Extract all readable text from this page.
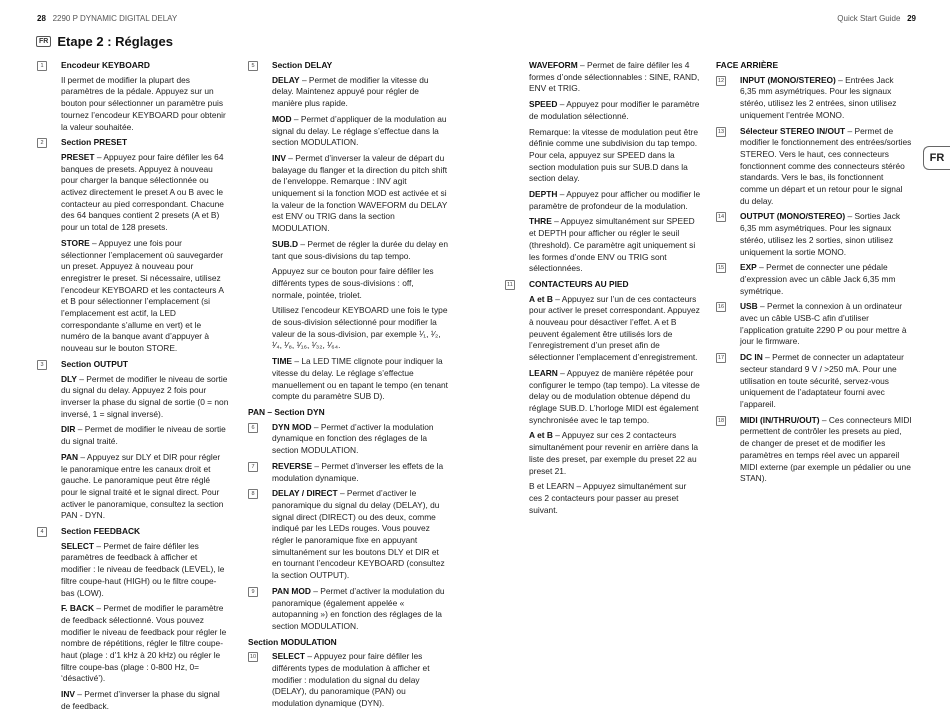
28 2290 P DYNAMIC DIGITAL DELAY	Quick Start Guide 29
FR Etape 2 : Réglages
FR
1	Encodeur KEYBOARD

Il permet de modifier la plupart des paramètres de la pédale. Appuyez sur un bouton pour sélectionner un paramètre puis tournez l’encodeur KEYBOARD pour obtenir la valeur souhaitée.

2	Section PRESET

PRESET – Appuyez pour faire défiler les 64 banques de presets. Appuyez à nouveau pour charger la banque sélectionnée ou activez directement le preset A ou B avec le contacteur au pied correspondant. Chacune des 64 banques contient 2 presets (A et B) pour un total de 128 presets.

STORE – Appuyez une fois pour sélectionner l’emplacement où sauvegarder un preset. Appuyez à nouveau pour enregistrer le preset. Si nécessaire, utilisez l’encodeur KEYBOARD et les contacteurs A et B pour sélectionner l’emplacement (si l’emplacement est actif, la LED correspondante s’allume en vert) et le numéro de la banque avant d’appuyer à nouveau sur le bouton STORE.

3	Section OUTPUT

DLY – Permet de modifier le niveau de sortie du signal du delay. Appuyez 2 fois pour inverser la phase du signal de sortie (0 = non inversé, 1 = signal inversé).

DIR – Permet de modifier le niveau de sortie du signal traité.

PAN – Appuyez sur DLY et DIR pour régler le panoramique entre les canaux droit et gauche. Le panoramique peut être réglé pour le signal traité et le signal direct. Pour activer le panoramique, consultez la section PAN - DYN.

4	Section FEEDBACK

SELECT – Permet de faire défiler les paramètres de feedback à afficher et modifier : le niveau de feedback (LEVEL), le filtre coupe-haut (HIGH) ou le filtre coupe-bas (LOW).

F. BACK – Permet de modifier le paramètre de feedback sélectionné. Vous pouvez modifier le niveau de feedback pour régler le nombre de répétitions, régler le filtre coupe-haut (plage : d’1 kHz à 20 kHz) ou régler le filtre coupe-bas (plage : 0-800 Hz, 0= ‘désactivé’).

INV – Permet d’inverser la phase du signal de feedback.

5	Section DELAY

DELAY – Permet de modifier la vitesse du delay. Maintenez appuyé pour régler de manière plus rapide.

MOD – Permet d’appliquer de la modulation au signal du delay. Le réglage s’effectue dans la section MODULATION.

INV – Permet d’inverser la valeur de départ du balayage du flanger et la direction du pitch shift de l’enveloppe. Remarque : INV agit uniquement si la fonction MOD est activée et si la valeur de la fonction WAVEFORM du DELAY est ENV ou TRIG dans la section MODULATION.

SUB.D – Permet de régler la durée du delay en tant que sous-divisions du tap tempo.

Appuyez sur ce bouton pour faire défiler les différents types de sous-divisions : off, normale, pointée, triolet.

Utilisez l’encodeur KEYBOARD une fois le type de sous-division sélectionné pour modifier la valeur de la sous-division, par exemple ¹⁄₁, ¹⁄₂, ¹⁄₄, ¹⁄₈, ¹⁄₁₆, ¹⁄₃₂, ¹⁄₆₄.

TIME – La LED TIME clignote pour indiquer la vitesse du delay. Le réglage s’effectue manuellement ou en tapant le tempo (en tenant compte du paramètre SUB D).

PAN – Section DYN
6	DYN MOD – Permet d’activer la modulation dynamique en fonction des réglages de la section MODULATION.

7	REVERSE – Permet d’inverser les effets de la modulation dynamique.

8	DELAY / DIRECT – Permet d’activer le panoramique du signal du delay (DELAY), du signal direct (DIRECT) ou des deux, comme indiqué par les LEDs rouges. Vous pouvez régler le panoramique fixe en appuyant simultanément sur les boutons DLY et DIR et en tournant l’encodeur KEYBOARD (consultez la section OUTPUT).

9	PAN MOD – Permet d’activer la modulation du panoramique (également appelée « autopanning ») en fonction des réglages de la section MODULATION.

Section MODULATION
10 SELECT – Appuyez pour faire défiler les différents types de modulation à afficher et modifier : modulation du signal du delay (DELAY), du panoramique (PAN) ou modulation dynamique (DYN).

WAVEFORM – Permet de faire défiler les 4 formes d’onde sélectionnables : SINE, RAND, ENV et TRIG.

SPEED – Appuyez pour modifier le paramètre de modulation sélectionné.

Remarque: la vitesse de modulation peut être définie comme une subdivision du tap tempo. Pour cela, appuyez sur SPEED dans la section modulation puis sur SUB.D dans la section delay.

DEPTH – Appuyez pour afficher ou modifier le paramètre de profondeur de la modulation.

THRE – Appuyez simultanément sur SPEED et DEPTH pour afficher ou régler le seuil (threshold). Ce paramètre agit uniquement si les formes d’onde ENV ou TRIG sont sélectionnées.

11 CONTACTEURS AU PIED

A et B – Appuyez sur l’un de ces contacteurs pour activer le preset correspondant. Appuyez à nouveau pour désactiver l’effet. A et B peuvent également être utilisés lors de l’enregistrement d’un preset afin de sélectionner l’emplacement d’enregistrement.

LEARN – Appuyez de manière répétée pour configurer le tempo (tap tempo). La vitesse de delay ou de modulation obtenue dépend du réglage SUB.D. L’horloge MIDI est également synchronisée avec le tap tempo.

A et B – Appuyez sur ces 2 contacteurs simultanément pour revenir en arrière dans la liste des preset, par exemple du preset 22 au preset 21.

B et LEARN – Appuyez simultanément sur ces 2 contacteurs pour passer au preset suivant.

FACE ARRIÈRE
12 INPUT (MONO/STEREO) – Entrées Jack 6,35 mm asymétriques. Pour les signaux stéréo, utilisez les 2 entrées, sinon utilisez uniquement l’entrée MONO.

13 Sélecteur STEREO IN/OUT – Permet de modifier le fonctionnement des entrées/sorties STEREO. Vers le haut, ces connecteurs fonctionnent comme des connecteurs stéréo standards. Vers le bas, ils fonctionnent comme un départ et un retour pour le signal du delay.

14 OUTPUT (MONO/STEREO) – Sorties Jack 6,35 mm asymétriques. Pour les signaux stéréo, utilisez les 2 sorties, sinon utilisez uniquement la sortie MONO.

15 EXP – Permet de connecter une pédale d’expression avec un câble Jack 6,35 mm symétrique.

16 USB – Permet la connexion à un ordinateur avec un câble USB-C afin d’utiliser l’application gratuite 2290 P ou pour mettre à jour le firmware.

17 DC IN – Permet de connecter un adaptateur secteur standard 9 V / >250 mA. Pour une utilisation en toute sécurité, servez-vous uniquement de l’adaptateur fourni avec l’appareil.

18 MIDI (IN/THRU/OUT) – Ces connecteurs MIDI permettent de contrôler les presets au pied, de changer de preset et de modifier les paramètres en temps réel avec un appareil MIDI externe (par exemple un pédalier ou une STAN).
